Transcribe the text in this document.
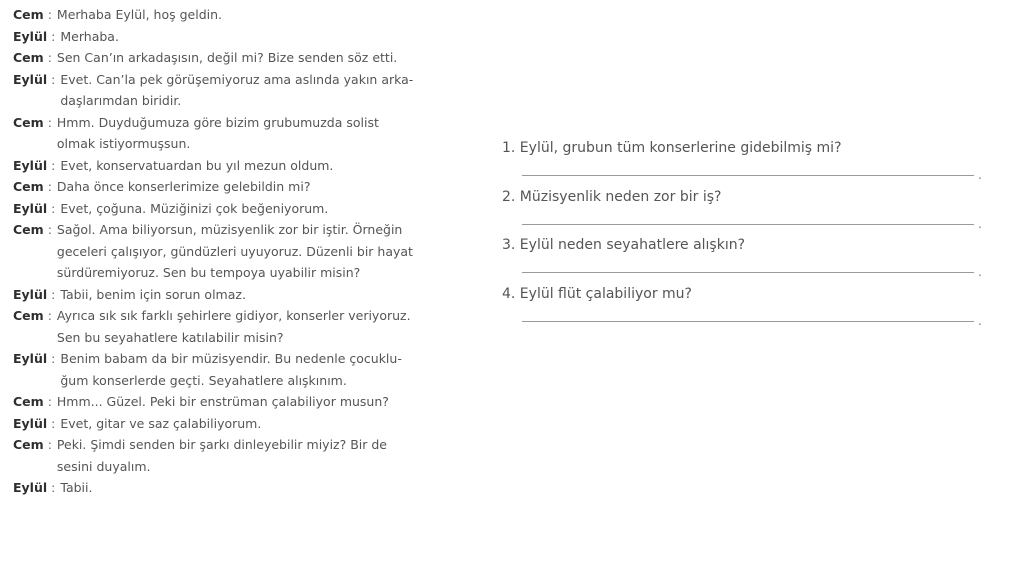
Cem : Merhaba Eylül, hoş geldin.
Eylül : Merhaba.
Cem : Sen Can’ın arkadaşısın, değil mi? Bize senden söz etti.
Eylül : Evet. Can’la pek görüşemiyoruz ama aslında yakın arka-
daşlarımdan biridir.
Cem : Hmm. Duyduğumuza göre bizim grubumuzda solist
olmak istiyormuşsun.
Eylül : Evet, konservatuardan bu yıl mezun oldum.
Cem : Daha önce konserlerimize gelebildin mi?
Eylül : Evet, çoğuna. Müziğinizi çok beğeniyorum.
Cem : Sağol. Ama biliyorsun, müzisyenlik zor bir iştir. Örneğin
geceleri çalışıyor, gündüzleri uyuyoruz. Düzenli bir hayat
sürdüremiyoruz. Sen bu tempoya uyabilir misin?
Eylül : Tabii, benim için sorun olmaz.
Cem : Ayrıca sık sık farklı şehirlere gidiyor, konserler veriyoruz.
Sen bu seyahatlere katılabilir misin?
Eylül : Benim babam da bir müzisyendir. Bu nedenle çocuklu-
ğum konserlerde geçti. Seyahatlere alışkınım.
Cem : Hmm... Güzel. Peki bir enstrüman çalabiliyor musun?
Eylül : Evet, gitar ve saz çalabiliyorum.
Cem : Peki. Şimdi senden bir şarkı dinleyebilir miyiz? Bir de
sesini duyalım.
Eylül : Tabii.
1. Eylül, grubun tüm konserlerine gidebilmiş mi?
.
2. Müzisyenlik neden zor bir iş?
.
3. Eylül neden seyahatlere alışkın?
.
4. Eylül flüt çalabiliyor mu?
.
